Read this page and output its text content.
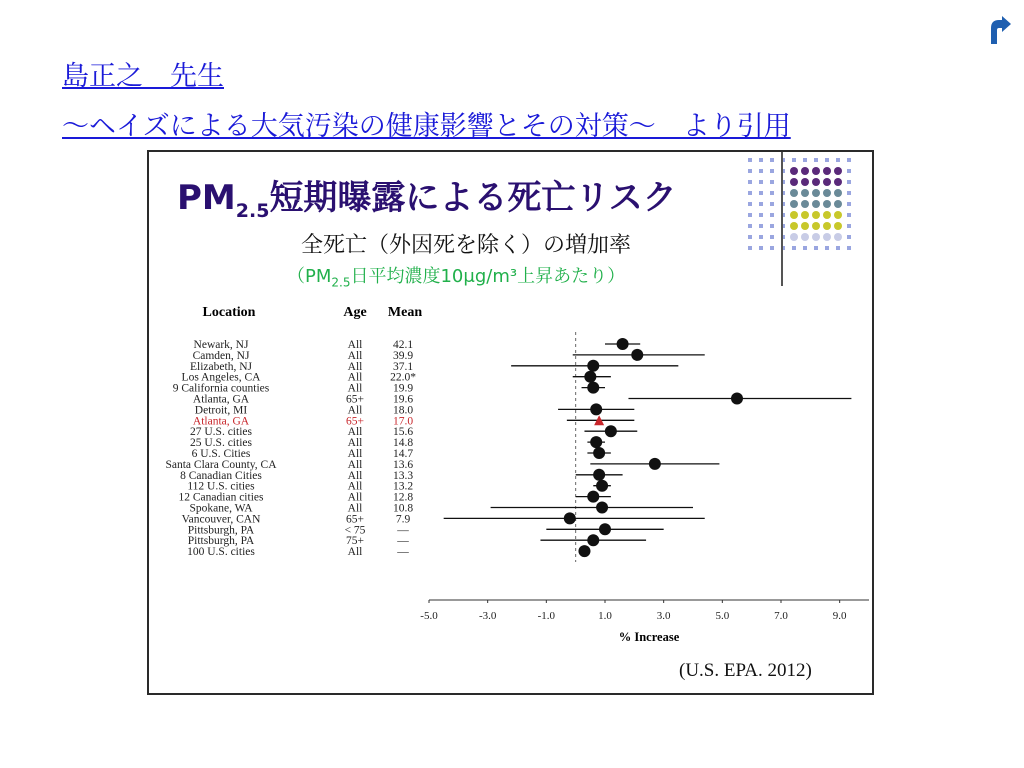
島正之　先生
～ヘイズによる大気汚染の健康影響とその対策～　より引用
$PM_{2.5}$短期曝露による死亡リスク
全死亡（外因死を除く）の増加率
（$PM_{2.5}$日平均濃度10μg/m³上昇あたり）
Location	Age Mean
Newark, NJ	All	42.1
Camden, NJ	All	39.9
Elizabeth, NJ	All	37.1
Los Angeles, CA	All 22.0*
9 California counties	All	19.9
Atlanta, GA	65+	19.6
Detroit, MI	All	18.0
Atlanta, GA	65+	17.0
27 U.S. cities	All	15.6
25 U.S. cities	All	14.8
6 U.S. Cities	All	14.7
Santa Clara County, CA	All	13.6
8 Canadian Cities	All	13.3
112 U.S. cities	All	13.2
12 Canadian cities	All	12.8
Spokane, WA	All	10.8
Vancouver, CAN	65+	7.9
Pittsburgh, PA	< 75	—
Pittsburgh, PA	75+	—
100 U.S. cities	All	—
-5.0	-3.0	-1.0	1.0	3.0	5.0	7.0	9.0
% Increase
(U.S. EPA. 2012)
